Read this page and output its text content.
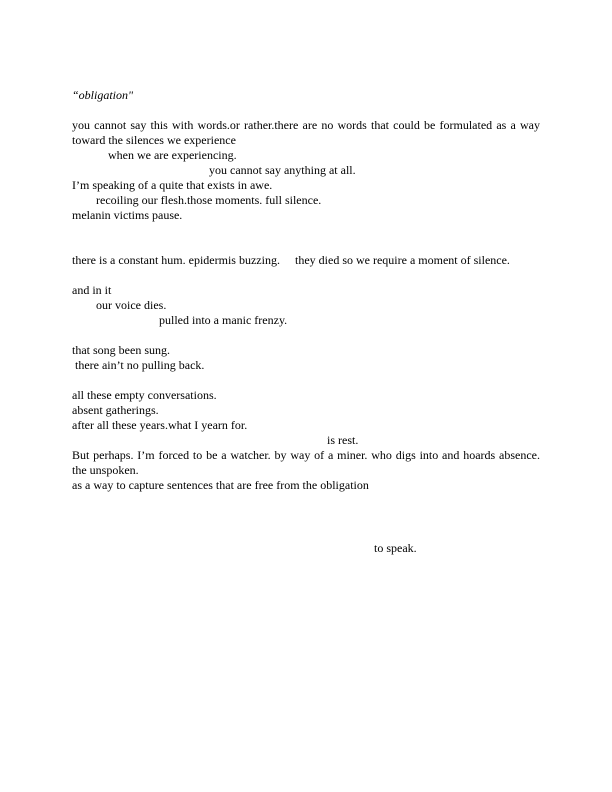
“obligation"
you cannot say this with words.or rather.there are no words that could be formulated as a way
toward the silences we experience
when we are experiencing.
you cannot say anything at all.
I’m speaking of a quite that exists in awe.
recoiling our flesh.those moments. full silence.
melanin victims pause.
there is a constant hum. epidermis buzzing. they died so we require a moment of silence.
and in it
our voice dies.
pulled into a manic frenzy.
that song been sung.
there ain’t no pulling back.
all these empty conversations.
absent gatherings.
after all these years.what I yearn for.
is rest.
But perhaps. I’m forced to be a watcher. by way of a miner. who digs into and hoards absence.
the unspoken.
as a way to capture sentences that are free from the obligation
to speak.
